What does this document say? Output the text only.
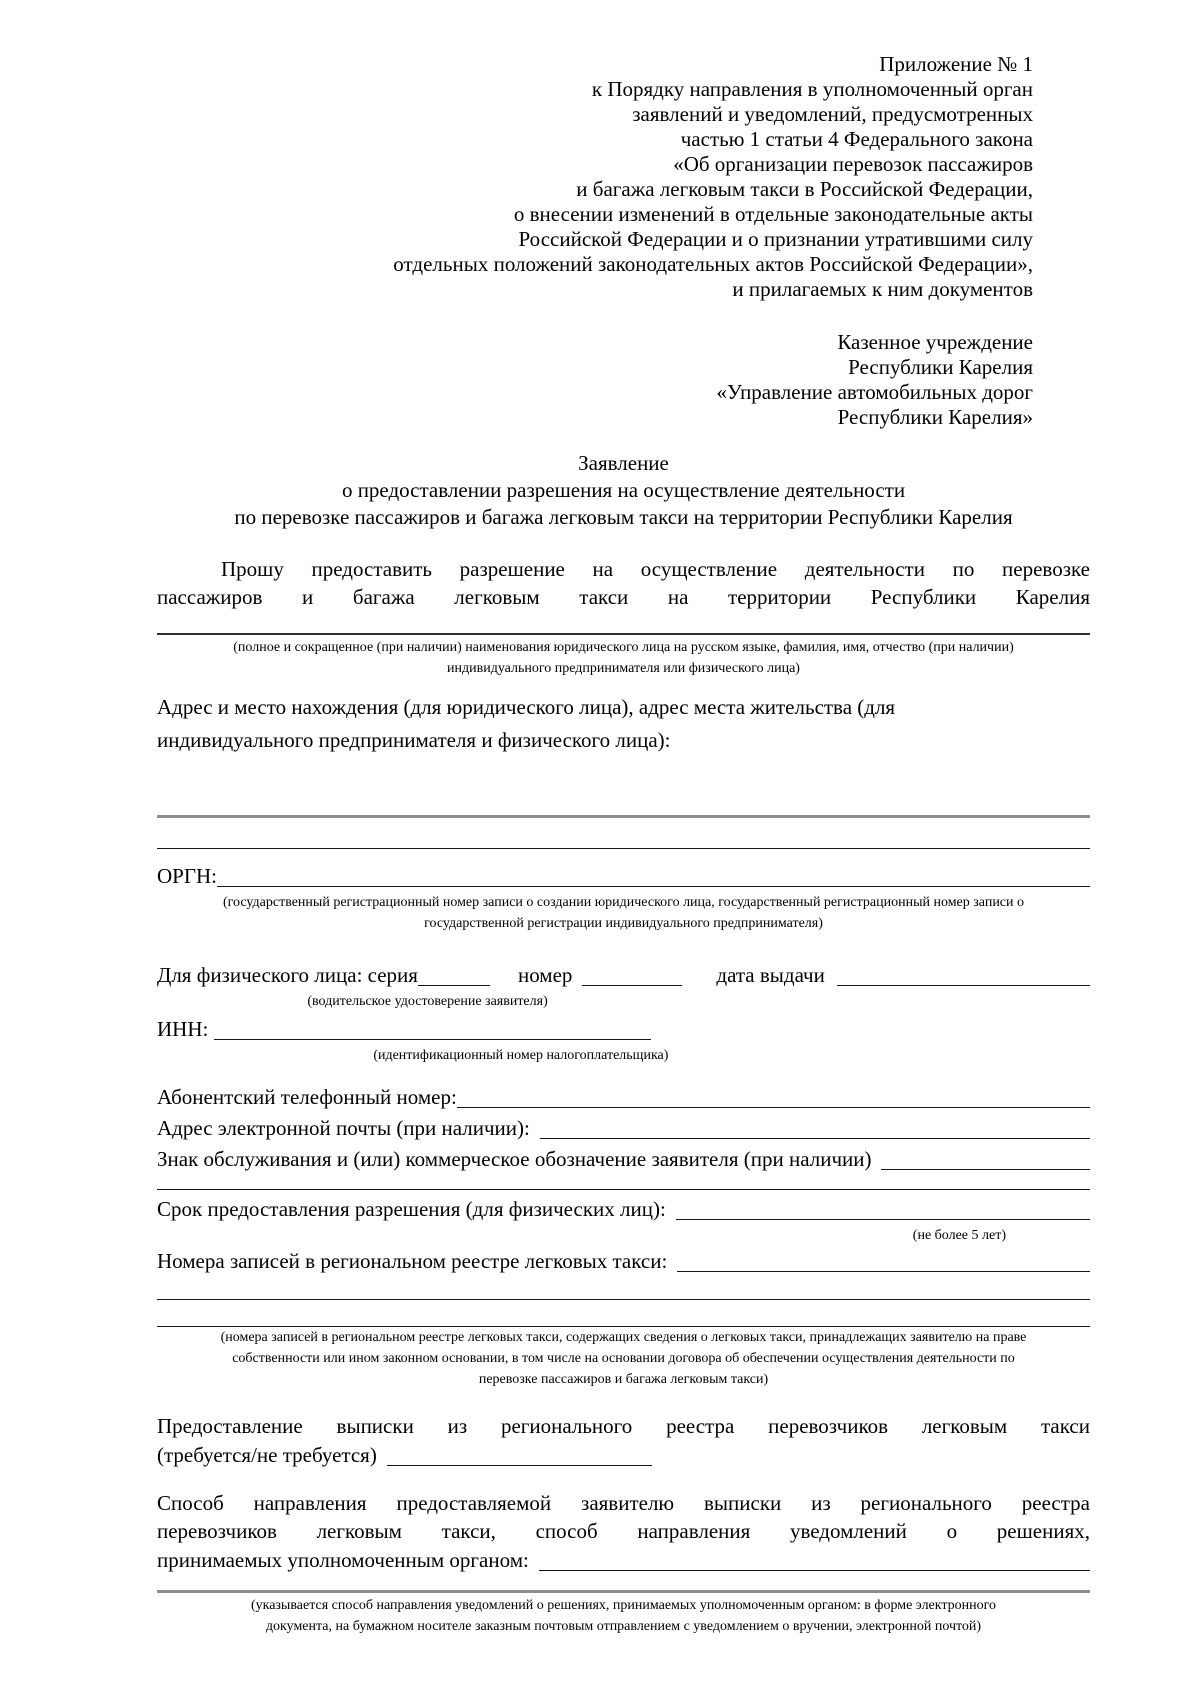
Приложение № 1
к Порядку направления в уполномоченный орган
заявлений и уведомлений, предусмотренных
частью 1 статьи 4 Федерального закона
«Об организации перевозок пассажиров
и багажа легковым такси в Российской Федерации,
о внесении изменений в отдельные законодательные акты
Российской Федерации и о признании утратившими силу
отдельных положений законодательных актов Российской Федерации»,
и прилагаемых к ним документов
Казенное учреждение
Республики Карелия
«Управление автомобильных дорог
Республики Карелия»
Заявление
о предоставлении разрешения на осуществление деятельности
по перевозке пассажиров и багажа легковым такси на территории Республики Карелия
Прошу предоставить разрешение на осуществление деятельности по перевозке
пассажиров и багажа легковым такси на территории Республики Карелия
(полное и сокращенное (при наличии) наименования юридического лица на русском языке, фамилия, имя, отчество (при наличии)
индивидуального предпринимателя или физического лица)
Адрес и место нахождения (для юридического лица), адрес места жительства (для
индивидуального предпринимателя и физического лица):
ОРГН:
(государственный регистрационный номер записи о создании юридического лица, государственный регистрационный номер записи о
государственной регистрации индивидуального предпринимателя)
Для физического лица: серия	номер	дата выдачи
(водительское удостоверение заявителя)
ИНН:
(идентификационный номер налогоплательщика)
Абонентский телефонный номер:
Адрес электронной почты (при наличии):
Знак обслуживания и (или) коммерческое обозначение заявителя (при наличии)
Срок предоставления разрешения (для физических лиц):
(не более 5 лет)
Номера записей в региональном реестре легковых такси:
(номера записей в региональном реестре легковых такси, содержащих сведения о легковых такси, принадлежащих заявителю на праве
собственности или ином законном основании, в том числе на основании договора об обеспечении осуществления деятельности по
перевозке пассажиров и багажа легковым такси)
Предоставление выписки из регионального реестра перевозчиков легковым такси
(требуется/не требуется)
Способ направления предоставляемой заявителю выписки из регионального реестра
перевозчиков легковым такси, способ направления уведомлений о решениях,
принимаемых уполномоченным органом:
(указывается способ направления уведомлений о решениях, принимаемых уполномоченным органом: в форме электронного
документа, на бумажном носителе заказным почтовым отправлением с уведомлением о вручении, электронной почтой)
